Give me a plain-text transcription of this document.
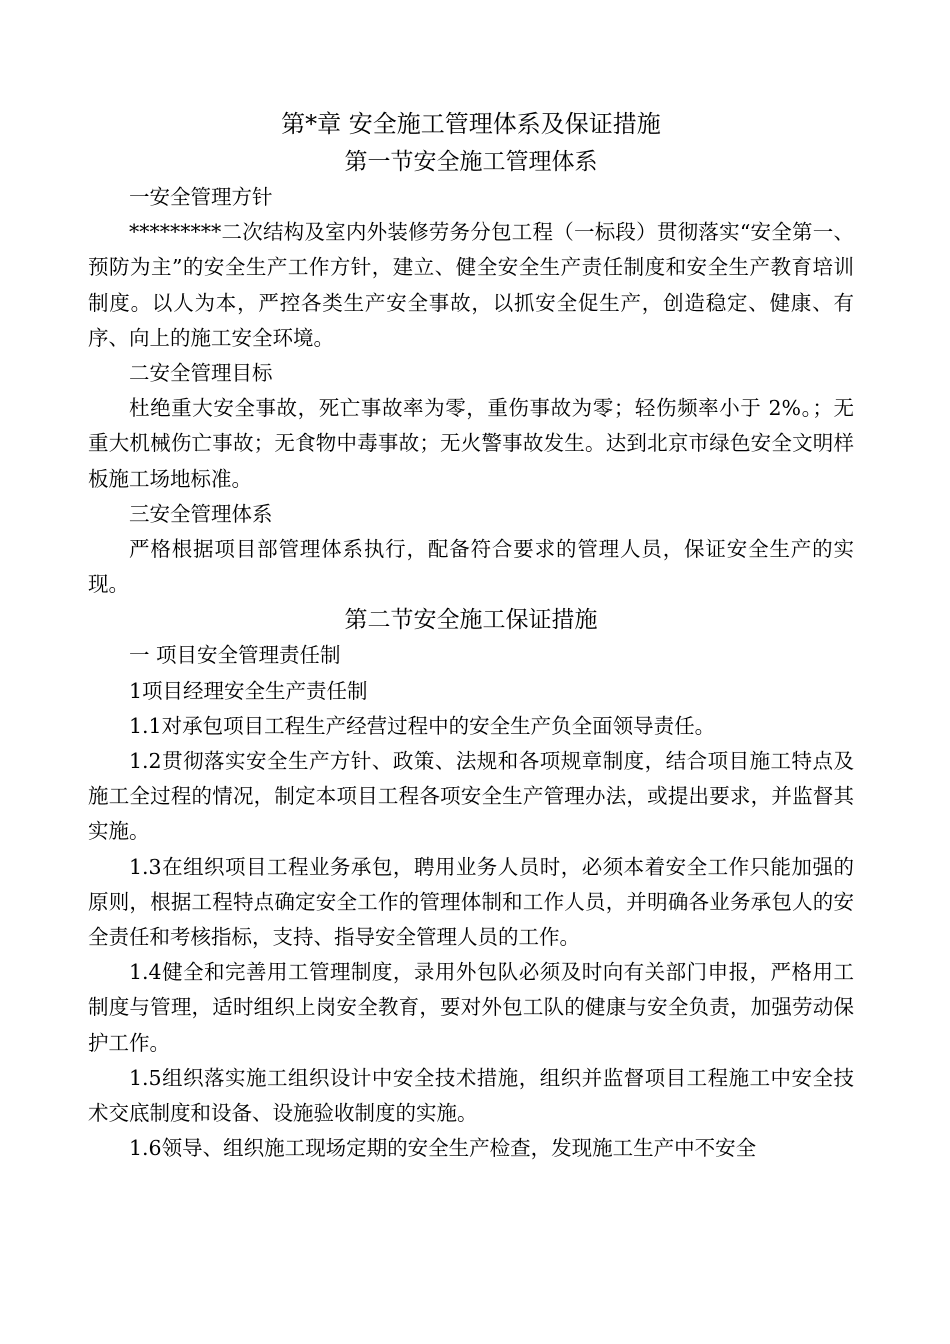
第*章 安全施工管理体系及保证措施

第一节安全施工管理体系

一安全管理方针

*********二次结构及室内外装修劳务分包工程（一标段）贯彻落实“安全第一、预防为主”的安全生产工作方针，建立、健全安全生产责任制度和安全生产教育培训制度。以人为本，严控各类生产安全事故，以抓安全促生产，创造稳定、健康、有序、向上的施工安全环境。

二安全管理目标

杜绝重大安全事故，死亡事故率为零，重伤事故为零；轻伤频率小于 2%。；无重大机械伤亡事故；无食物中毒事故；无火警事故发生。达到北京市绿色安全文明样板施工场地标准。

三安全管理体系

严格根据项目部管理体系执行，配备符合要求的管理人员，保证安全生产的实现。

第二节安全施工保证措施

一 项目安全管理责任制

1项目经理安全生产责任制

1.1对承包项目工程生产经营过程中的安全生产负全面领导责任。

1.2贯彻落实安全生产方针、政策、法规和各项规章制度，结合项目施工特点及施工全过程的情况，制定本项目工程各项安全生产管理办法，或提出要求，并监督其实施。

1.3在组织项目工程业务承包，聘用业务人员时，必须本着安全工作只能加强的原则，根据工程特点确定安全工作的管理体制和工作人员，并明确各业务承包人的安全责任和考核指标，支持、指导安全管理人员的工作。

1.4健全和完善用工管理制度，录用外包队必须及时向有关部门申报，严格用工制度与管理，适时组织上岗安全教育，要对外包工队的健康与安全负责，加强劳动保护工作。

1.5组织落实施工组织设计中安全技术措施，组织并监督项目工程施工中安全技术交底制度和设备、设施验收制度的实施。

1.6领导、组织施工现场定期的安全生产检查，发现施工生产中不安全
